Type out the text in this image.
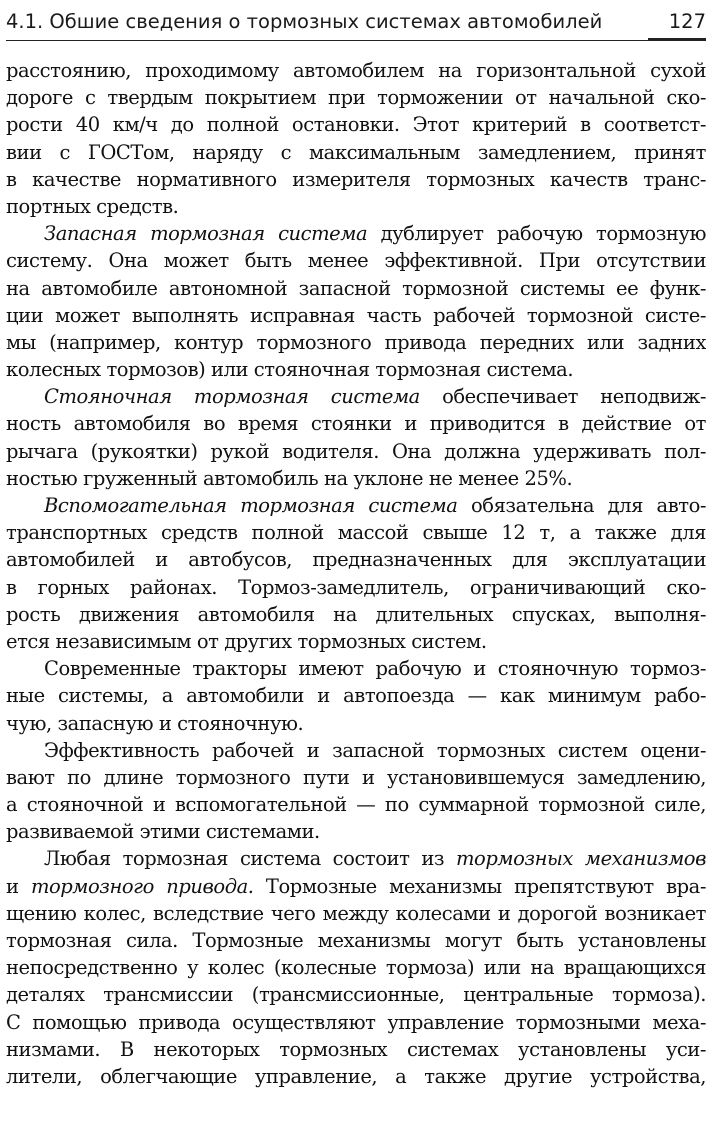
4.1. Обшие сведения о тормозных системах автомобилей	127
расстоянию, проходимому автомобилем на горизонтальной сухой
дороге с твердым покрытием при торможении от начальной ско-
рости 40 км/ч до полной остановки. Этот критерий в соответст-
вии с ГОСТом, наряду с максимальным замедлением, принят
в качестве нормативного измерителя тормозных качеств транс-
портных средств.
Запасная тормозная система дублирует рабочую тормозную
систему. Она может быть менее эффективной. При отсутствии
на автомобиле автономной запасной тормозной системы ее функ-
ции может выполнять исправная часть рабочей тормозной систе-
мы (например, контур тормозного привода передних или задних
колесных тормозов) или стояночная тормозная система.
Стояночная тормозная система обеспечивает неподвиж-
ность автомобиля во время стоянки и приводится в действие от
рычага (рукоятки) рукой водителя. Она должна удерживать пол-
ностью груженный автомобиль на уклоне не менее 25%.
Вспомогательная тормозная система обязательна для авто-
транспортных средств полной массой свыше 12 т, а также для
автомобилей и автобусов, предназначенных для эксплуатации
в горных районах. Тормоз-замедлитель, ограничивающий ско-
рость движения автомобиля на длительных спусках, выполня-
ется независимым от других тормозных систем.
Современные тракторы имеют рабочую и стояночную тормоз-
ные системы, а автомобили и автопоезда — как минимум рабо-
чую, запасную и стояночную.
Эффективность рабочей и запасной тормозных систем оцени-
вают по длине тормозного пути и установившемуся замедлению,
а стояночной и вспомогательной — по суммарной тормозной силе,
развиваемой этими системами.
Любая тормозная система состоит из тормозных механизмов
и тормозного привода. Тормозные механизмы препятствуют вра-
щению колес, вследствие чего между колесами и дорогой возникает
тормозная сила. Тормозные механизмы могут быть установлены
непосредственно у колес (колесные тормоза) или на вращающихся
деталях трансмиссии (трансмиссионные, центральные тормоза).
С помощью привода осуществляют управление тормозными меха-
низмами. В некоторых тормозных системах установлены уси-
лители, облегчающие управление, а также другие устройства,
